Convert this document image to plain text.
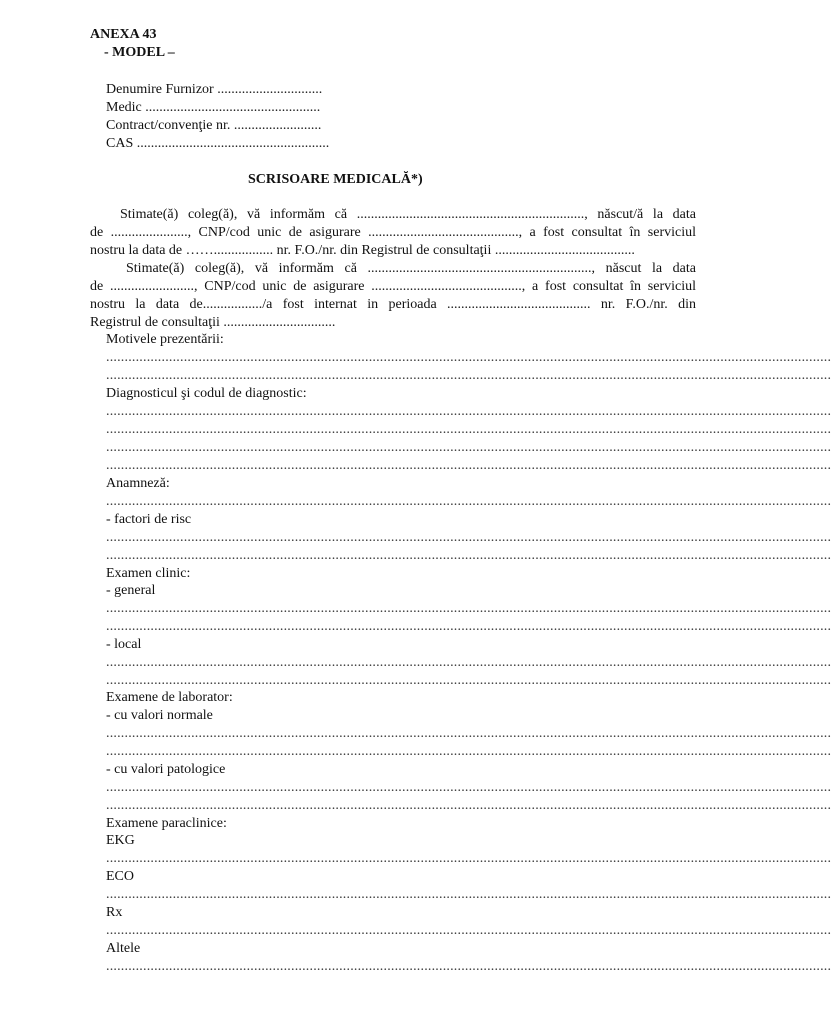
ANEXA 43
- MODEL –
Denumire Furnizor ..............................
Medic ..................................................
Contract/convenţie nr. .........................
CAS .......................................................
SCRISOARE MEDICALĂ*)
Stimate(ă) coleg(ă), vă informăm că ................................................................., născut/ă la data
de ......................, CNP/cod unic de asigurare ..........................................., a fost consultat în serviciul
nostru la data de ……................. nr. F.O./nr. din Registrul de consultaţii ........................................
Stimate(ă) coleg(ă), vă informăm că ................................................................, născut la data
de ........................, CNP/cod unic de asigurare ..........................................., a fost consultat în serviciul
nostru la data de................./a fost internat in perioada ......................................... nr. F.O./nr. din
Registrul de consultaţii ................................
Motivele prezentării:
....................................................................................................................................................................................................
....................................................................................................................................................................................................
Diagnosticul şi codul de diagnostic:
....................................................................................................................................................................................................
....................................................................................................................................................................................................
....................................................................................................................................................................................................
....................................................................................................................................................................................................
Anamneză:
....................................................................................................................................................................................................
- factori de risc
....................................................................................................................................................................................................
....................................................................................................................................................................................................
Examen clinic:
- general
....................................................................................................................................................................................................
....................................................................................................................................................................................................
- local
....................................................................................................................................................................................................
....................................................................................................................................................................................................
Examene de laborator:
- cu valori normale
....................................................................................................................................................................................................
....................................................................................................................................................................................................
- cu valori patologice
....................................................................................................................................................................................................
....................................................................................................................................................................................................
Examene paraclinice:
EKG
....................................................................................................................................................................................................
ECO
....................................................................................................................................................................................................
Rx
....................................................................................................................................................................................................
Altele
....................................................................................................................................................................................................
